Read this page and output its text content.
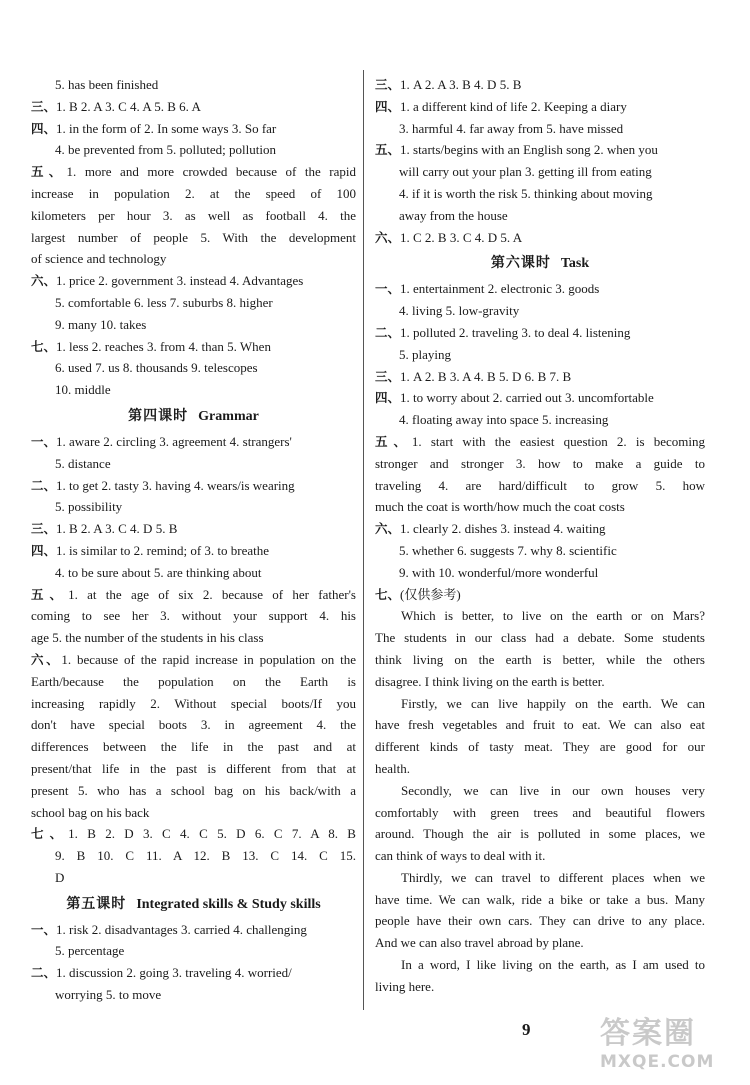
5. has been finished
三、1. B 2. A 3. C 4. A 5. B 6. A
四、1. in the form of 2. In some ways 3. So far
4. be prevented from 5. polluted; pollution
五、1. more and more crowded because of the rapid
increase in population 2. at the speed of 100
kilometers per hour 3. as well as football 4. the
largest number of people 5. With the development
of science and technology
六、1. price 2. government 3. instead 4. Advantages
5. comfortable 6. less 7. suburbs 8. higher
9. many 10. takes
七、1. less 2. reaches 3. from 4. than 5. When
6. used 7. us 8. thousands 9. telescopes
10. middle
第四课时 Grammar
一、1. aware 2. circling 3. agreement 4. strangers'
5. distance
二、1. to get 2. tasty 3. having 4. wears/is wearing
5. possibility
三、1. B 2. A 3. C 4. D 5. B
四、1. is similar to 2. remind; of 3. to breathe
4. to be sure about 5. are thinking about
五、1. at the age of six 2. because of her father's
coming to see her 3. without your support 4. his
age 5. the number of the students in his class
六、1. because of the rapid increase in population on the
Earth/because the population on the Earth is
increasing rapidly 2. Without special boots/If you
don't have special boots 3. in agreement 4. the
differences between the life in the past and at
present/that life in the past is different from that at
present 5. who has a school bag on his back/with a
school bag on his back
七、1. B 2. D 3. C 4. C 5. D 6. C 7. A 8. B
9. B 10. C 11. A 12. B 13. C 14. C 15.
D
第五课时 Integrated skills & Study skills
一、1. risk 2. disadvantages 3. carried 4. challenging
5. percentage
二、1. discussion 2. going 3. traveling 4. worried/
worrying 5. to move
三、1. A 2. A 3. B 4. D 5. B
四、1. a different kind of life 2. Keeping a diary
3. harmful 4. far away from 5. have missed
五、1. starts/begins with an English song 2. when you
will carry out your plan 3. getting ill from eating
4. if it is worth the risk 5. thinking about moving
away from the house
六、1. C 2. B 3. C 4. D 5. A
第六课时 Task
一、1. entertainment 2. electronic 3. goods
4. living 5. low-gravity
二、1. polluted 2. traveling 3. to deal 4. listening
5. playing
三、1. A 2. B 3. A 4. B 5. D 6. B 7. B
四、1. to worry about 2. carried out 3. uncomfortable
4. floating away into space 5. increasing
五、1. start with the easiest question 2. is becoming
stronger and stronger 3. how to make a guide to
traveling 4. are hard/difficult to grow 5. how
much the coat is worth/how much the coat costs
六、1. clearly 2. dishes 3. instead 4. waiting
5. whether 6. suggests 7. why 8. scientific
9. with 10. wonderful/more wonderful
七、(仅供参考)
Which is better, to live on the earth or on Mars?
The students in our class had a debate. Some students
think living on the earth is better, while the others
disagree. I think living on the earth is better.
Firstly, we can live happily on the earth. We can
have fresh vegetables and fruit to eat. We can also eat
different kinds of tasty meat. They are good for our
health.
Secondly, we can live in our own houses very
comfortably with green trees and beautiful flowers
around. Though the air is polluted in some places, we
can think of ways to deal with it.
Thirdly, we can travel to different places when we
have time. We can walk, ride a bike or take a bus. Many
people have their own cars. They can drive to any place.
And we can also travel abroad by plane.
In a word, I like living on the earth, as I am used to
living here.
9 答案圈
MXQE.COM
